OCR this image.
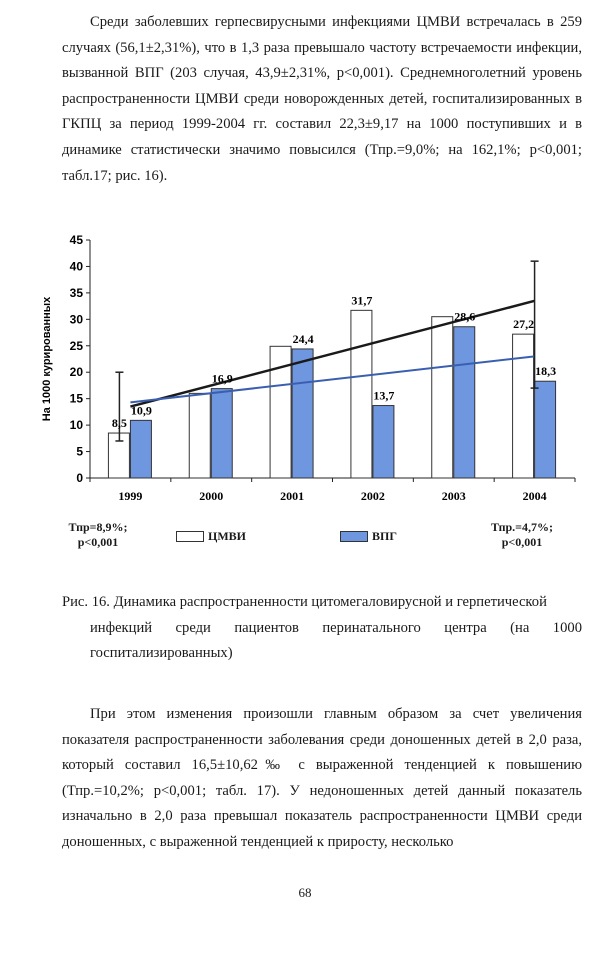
Среди заболевших герпесвирусными инфекциями ЦМВИ встречалась в 259 случаях (56,1±2,31%), что в 1,3 раза превышало частоту встречаемости инфекции, вызванной ВПГ (203 случая, 43,9±2,31%, p<0,001). Среднемноголетний уровень распространенности ЦМВИ среди новорожденных детей, госпитализированных в ГКПЦ за период 1999-2004 гг. составил 22,3±9,17 на 1000 поступивших и в динамике статистически значимо повысился (Тпр.=9,0%; на 162,1%; p<0,001; табл.17; рис. 16).

На 1000 курированных
0
5
10
15
20
25
30
35
40
45
1999	2000	2001	2002	2003	2004
8,5
31,7
27,2
10,9
16,9
24,4
13,7
28,6
18,3
Тпр=8,9%;
p<0,001	ЦМВИ	ВПГ
Тпр.=4,7%;
p<0,001
Рис. 16. Динамика распространенности цитомегаловирусной и герпетической
инфекций среди пациентов перинатального центра (на 1000 госпитализированных)

При этом изменения произошли главным образом за счет увеличения показателя распространенности заболевания среди доношенных детей в 2,0 раза, который составил 16,5±10,62‰ с выраженной тенденцией к повышению (Тпр.=10,2%; p<0,001; табл. 17). У недоношенных детей данный показатель изначально в 2,0 раза превышал показатель распространенности ЦМВИ среди доношенных, с выраженной тенденцией к приросту, несколько

68
